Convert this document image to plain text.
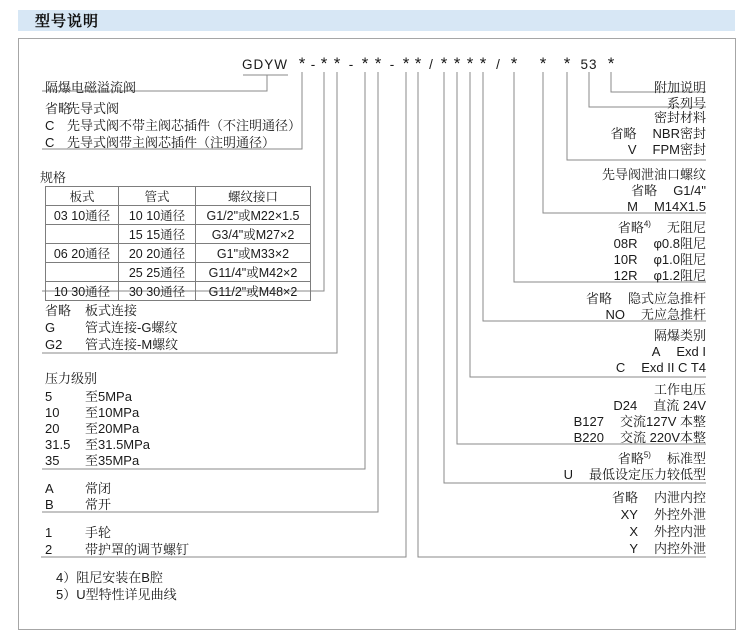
型号说明
GDYW * - * * - * * - * * / * * * * / * * * 53 *
隔爆电磁溢流阀
省略
先导式阀
C 先导式阀不带主阀芯插件（不注明通径）
C 先导式阀带主阀芯插件（注明通径）
规格
板式	管式	螺纹接口
03 10通径	10 10通径	G1/2"或M22×1.5
	15 15通径	G3/4"或M27×2
06 20通径	20 20通径	G1"或M33×2
	25 25通径	G11/4"或M42×2
10 30通径	30 30通径	G11/2"或M48×2
省略	板式连接
G	管式连接-G螺纹
G2	管式连接-M螺纹
压力级别
5	至5MPa
10	至10MPa
20	至20MPa
31.5	至31.5MPa
35	至35MPa
A	常闭
B	常开
1	手轮
2	带护罩的调节螺钉
4）阻尼安装在B腔
5）U型特性详见曲线
附加说明
系列号
密封材料
省略 NBR密封
V FPM密封
先导阀泄油口螺纹
省略 G1/4"
M M14X1.5
省略$^{4)}$ 无阻尼
08R φ0.8阻尼
10R φ1.0阻尼
12R φ1.2阻尼
省略 隐式应急推杆
NO 无应急推杆
隔爆类别
A Exd I
C Exd II C T4
工作电压
D24 直流 24V
B127 交流127V 本整
B220 交流 220V本整
省略$^{5)}$ 标准型
U 最低设定压力较低型
省略 内泄内控
XY 外控外泄
X 外控内泄
Y 内控外泄
